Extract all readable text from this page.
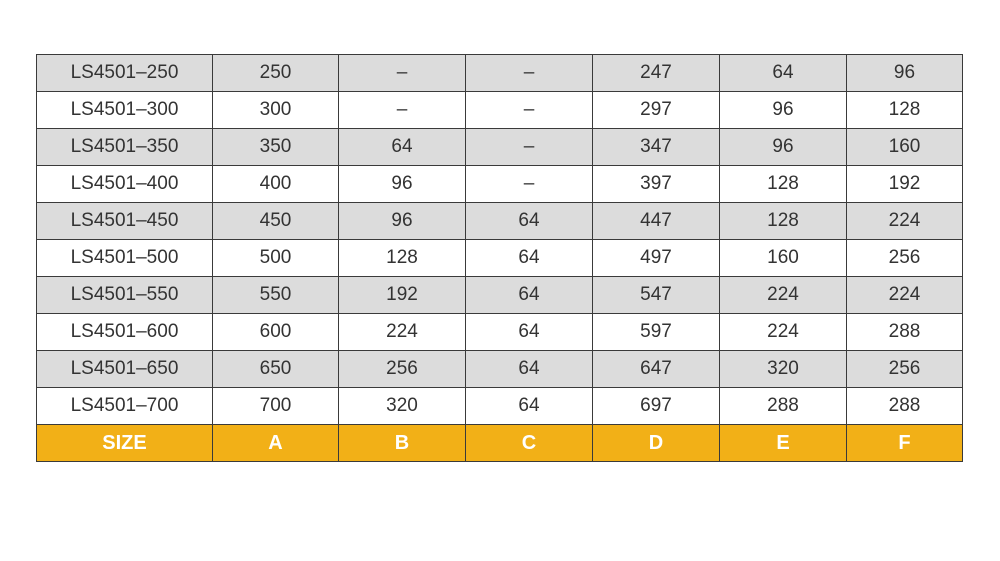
LS4501–250	250	–	–	247	64	96
LS4501–300	300	–	–	297	96	128
LS4501–350	350	64	–	347	96	160
LS4501–400	400	96	–	397	128	192
LS4501–450	450	96	64	447	128	224
LS4501–500	500	128	64	497	160	256
LS4501–550	550	192	64	547	224	224
LS4501–600	600	224	64	597	224	288
LS4501–650	650	256	64	647	320	256
LS4501–700	700	320	64	697	288	288
SIZE	A	B	C	D	E	F
